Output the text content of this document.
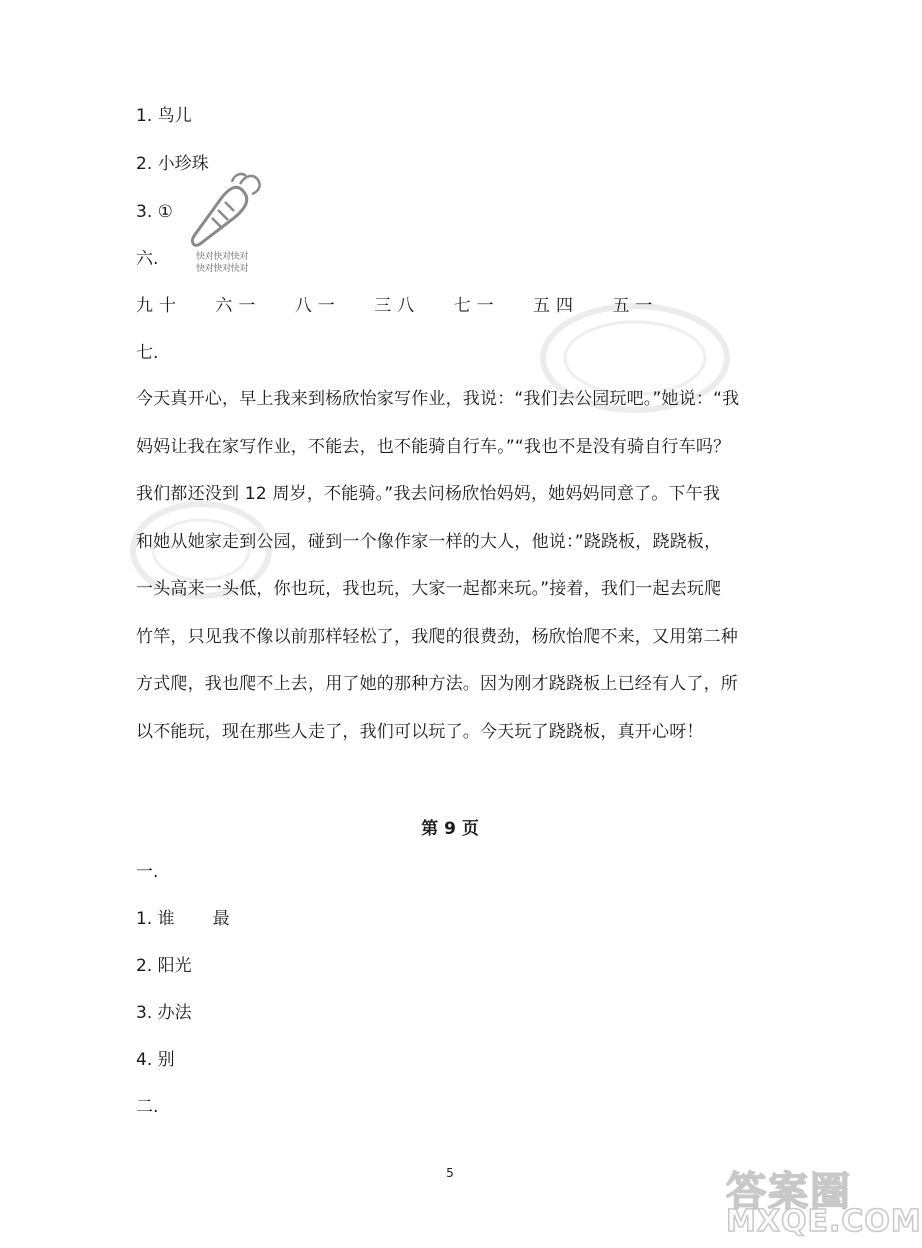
1. 鸟儿
2. 小珍珠
3. ①
六.	快对快对快对
快对快对快对
九十 六一 八一 三八 七一 五四 五一
七.
今天真开心，早上我来到杨欣怡家写作业，我说：“我们去公园玩吧。”她说：“我
妈妈让我在家写作业，不能去，也不能骑自行车。”“我也不是没有骑自行车吗？
我们都还没到 12 周岁，不能骑。”我去问杨欣怡妈妈，她妈妈同意了。下午我
和她从她家走到公园，碰到一个像作家一样的大人，他说：”跷跷板，跷跷板，
一头高来一头低，你也玩，我也玩，大家一起都来玩。”接着，我们一起去玩爬
竹竿，只见我不像以前那样轻松了，我爬的很费劲，杨欣怡爬不来，又用第二种
方式爬，我也爬不上去，用了她的那种方法。因为刚才跷跷板上已经有人了，所
以不能玩，现在那些人走了，我们可以玩了。今天玩了跷跷板，真开心呀！
第 9 页
一.
1. 谁 最
2. 阳光
3. 办法
4. 别
二.
5	答案圈
MXQE.COM
